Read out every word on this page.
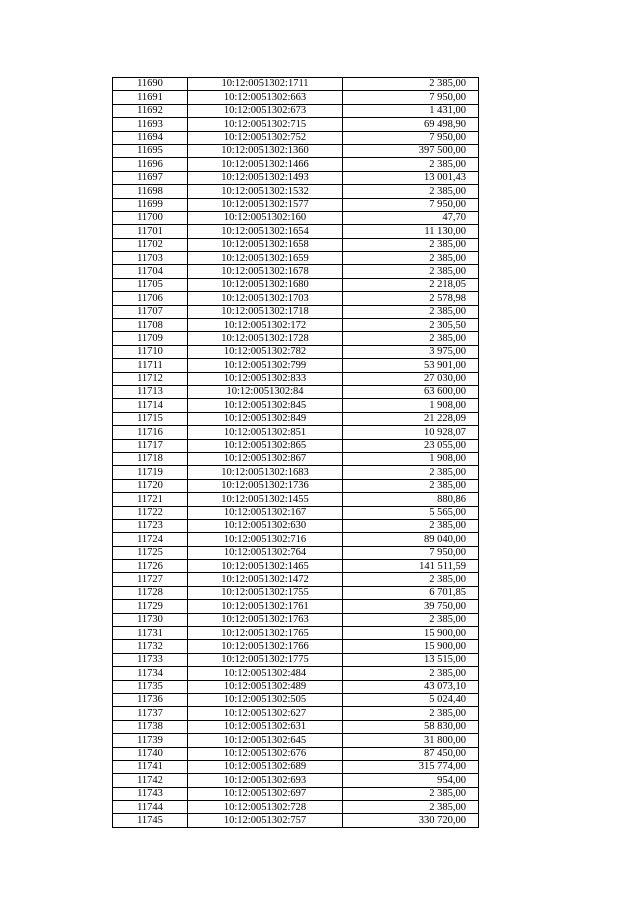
11690	10:12:0051302:1711	2 385,00
11691	10:12:0051302:663	7 950,00
11692	10:12:0051302:673	1 431,00
11693	10:12:0051302:715	69 498,90
11694	10:12:0051302:752	7 950,00
11695	10:12:0051302:1360	397 500,00
11696	10:12:0051302:1466	2 385,00
11697	10:12:0051302:1493	13 001,43
11698	10:12:0051302:1532	2 385,00
11699	10:12:0051302:1577	7 950,00
11700	10:12:0051302:160	47,70
11701	10:12:0051302:1654	11 130,00
11702	10:12:0051302:1658	2 385,00
11703	10:12:0051302:1659	2 385,00
11704	10:12:0051302:1678	2 385,00
11705	10:12:0051302:1680	2 218,05
11706	10:12:0051302:1703	2 578,98
11707	10:12:0051302:1718	2 385,00
11708	10:12:0051302:172	2 305,50
11709	10:12:0051302:1728	2 385,00
11710	10:12:0051302:782	3 975,00
11711	10:12:0051302:799	53 901,00
11712	10:12:0051302:833	27 030,00
11713	10:12:0051302:84	63 600,00
11714	10:12:0051302:845	1 908,00
11715	10:12:0051302:849	21 228,09
11716	10:12:0051302:851	10 928,07
11717	10:12:0051302:865	23 055,00
11718	10:12:0051302:867	1 908,00
11719	10:12:0051302:1683	2 385,00
11720	10:12:0051302:1736	2 385,00
11721	10:12:0051302:1455	880,86
11722	10:12:0051302:167	5 565,00
11723	10:12:0051302:630	2 385,00
11724	10:12:0051302:716	89 040,00
11725	10:12:0051302:764	7 950,00
11726	10:12:0051302:1465	141 511,59
11727	10:12:0051302:1472	2 385,00
11728	10:12:0051302:1755	6 701,85
11729	10:12:0051302:1761	39 750,00
11730	10:12:0051302:1763	2 385,00
11731	10:12:0051302:1765	15 900,00
11732	10:12:0051302:1766	15 900,00
11733	10:12:0051302:1775	13 515,00
11734	10:12:0051302:484	2 385,00
11735	10:12:0051302:489	43 073,10
11736	10:12:0051302:505	5 024,40
11737	10:12:0051302:627	2 385,00
11738	10:12:0051302:631	58 830,00
11739	10:12:0051302:645	31 800,00
11740	10:12:0051302:676	87 450,00
11741	10:12:0051302:689	315 774,00
11742	10:12:0051302:693	954,00
11743	10:12:0051302:697	2 385,00
11744	10:12:0051302:728	2 385,00
11745	10:12:0051302:757	330 720,00
